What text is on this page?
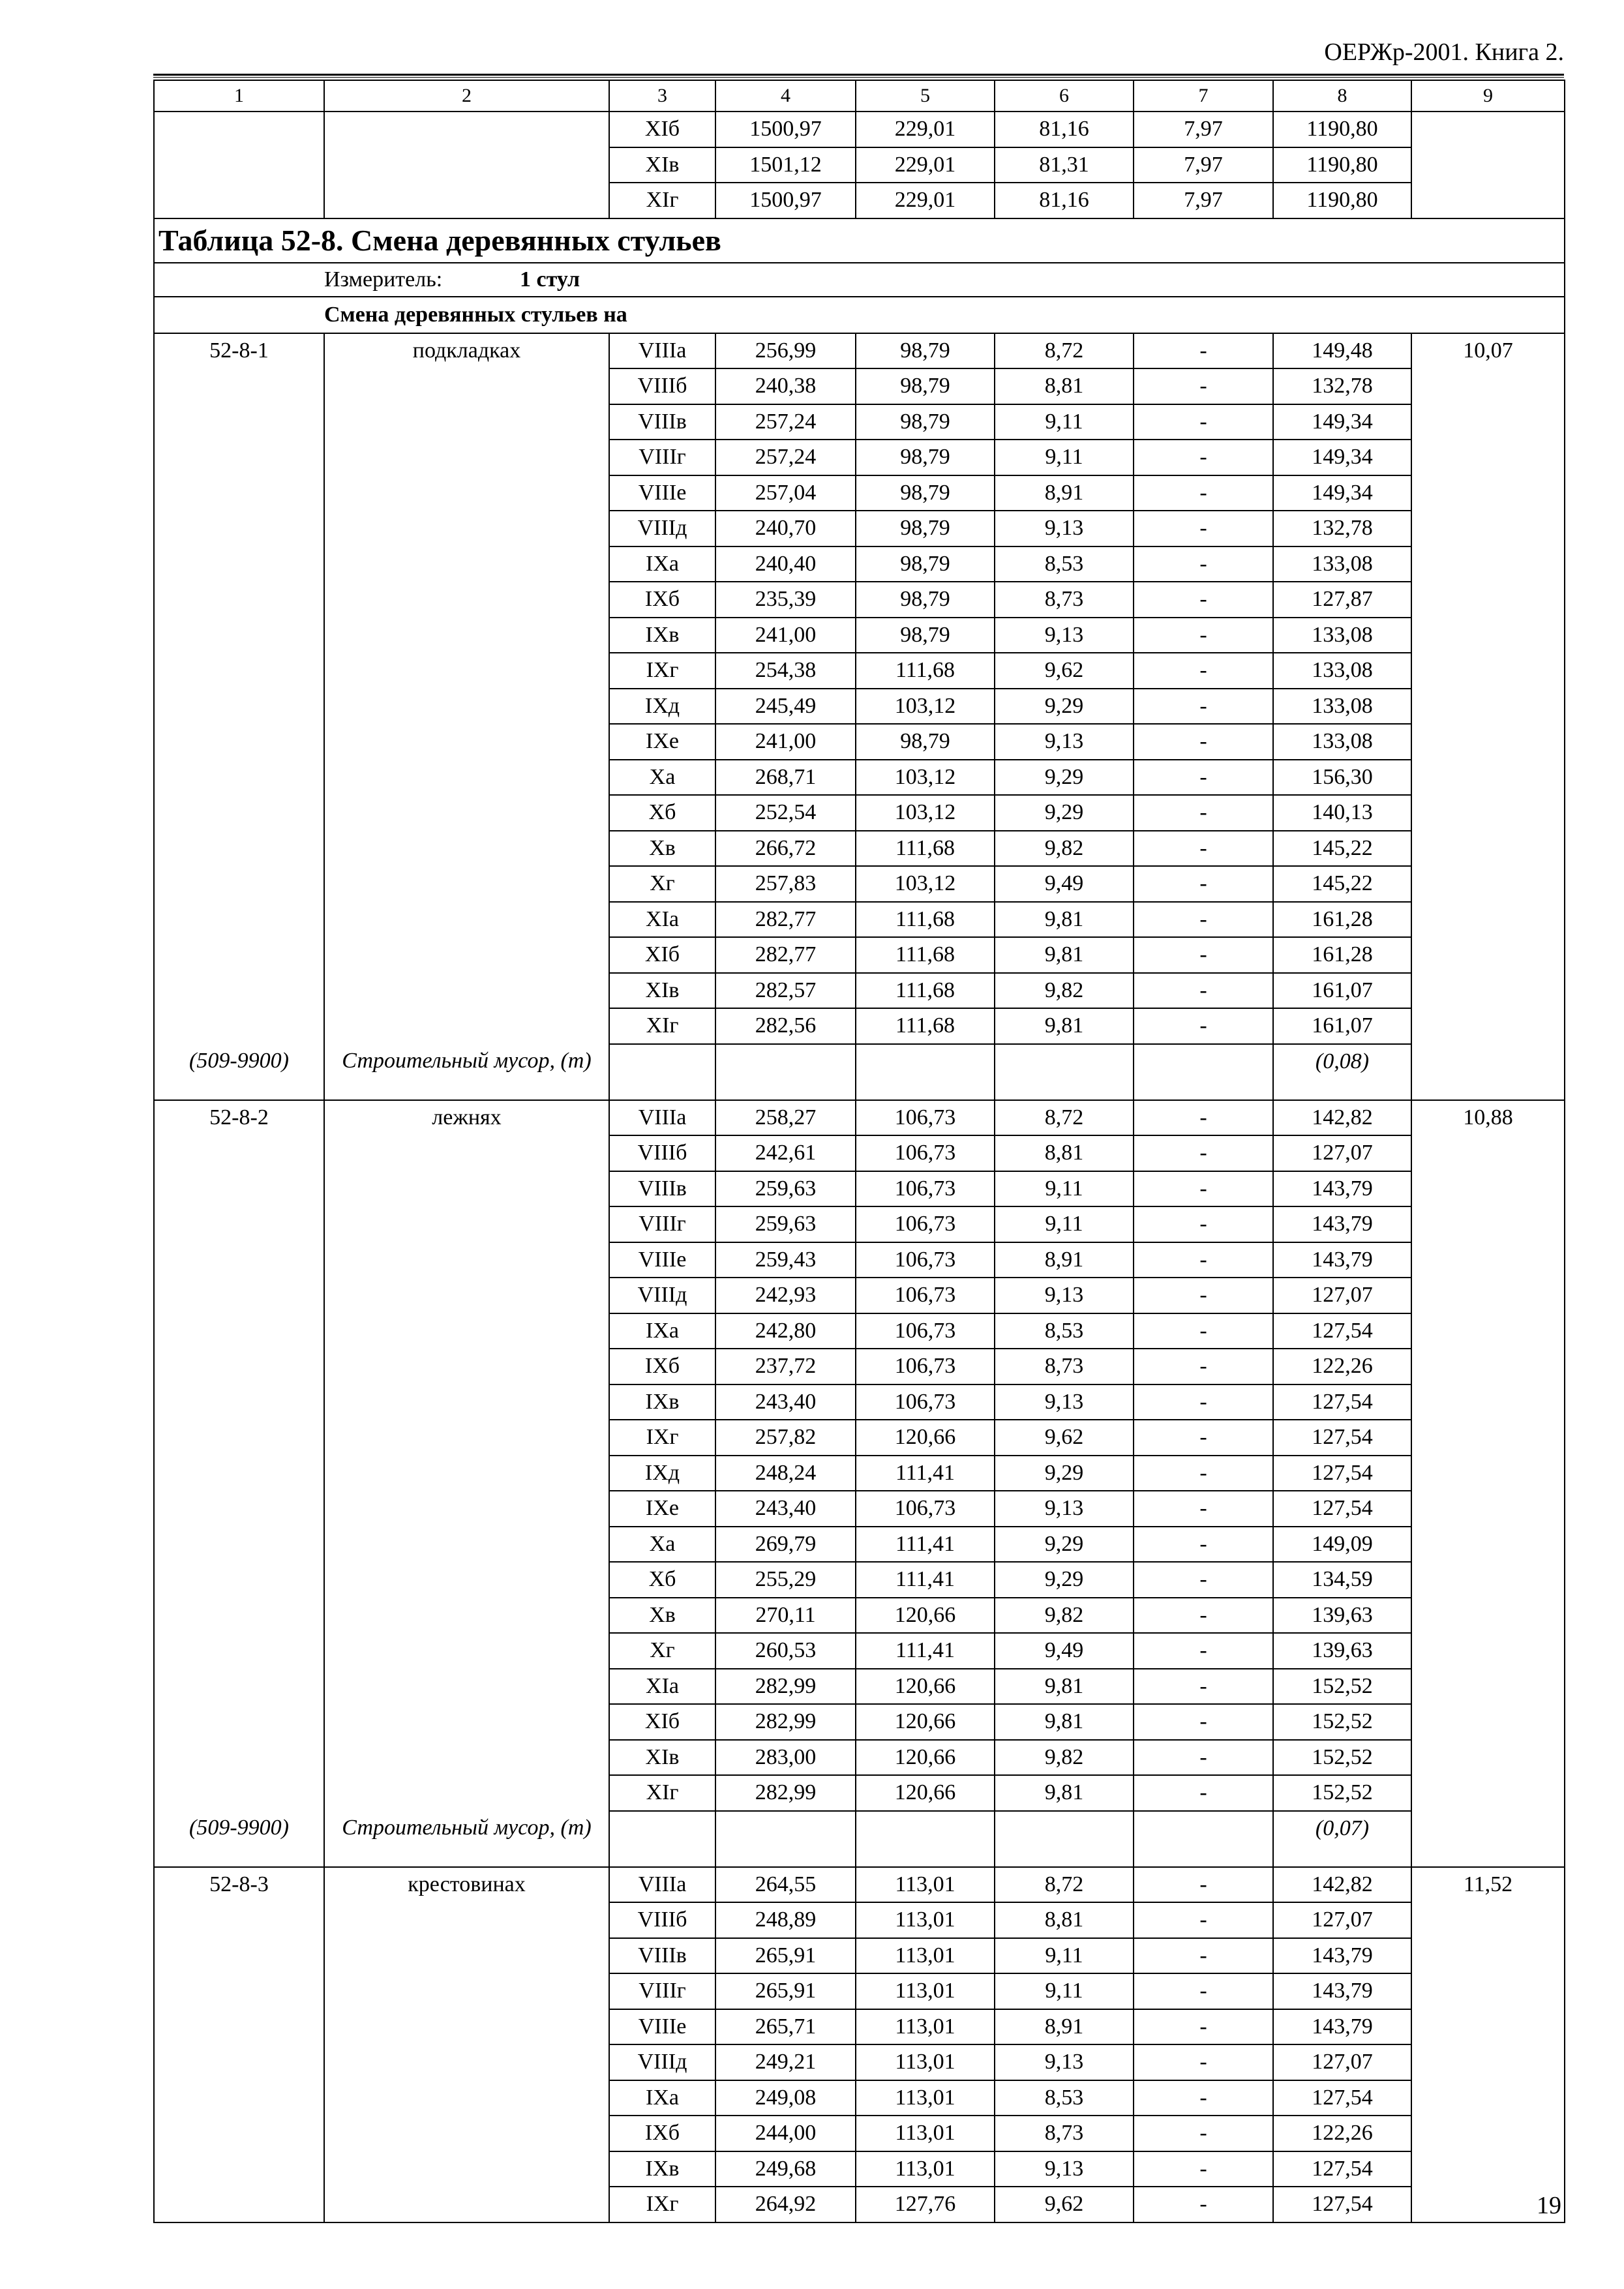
ОЕРЖр-2001. Книга 2.
1	2	3	4	5	6	7	8	9
		XIб	1500,97	229,01	81,16	7,97	1190,80	
		XIв	1501,12	229,01	81,31	7,97	1190,80	
		XIг	1500,97	229,01	81,16	7,97	1190,80	
Таблица 52-8. Смена деревянных стульев								
Измеритель: 1 стул								
Смена деревянных стульев на								
52-8-1	подкладках	VIIIa	256,99	98,79	8,72	-	149,48	10,07
		VIIIб	240,38	98,79	8,81	-	132,78	
		VIIIв	257,24	98,79	9,11	-	149,34	
		VIIIг	257,24	98,79	9,11	-	149,34	
		VIIIe	257,04	98,79	8,91	-	149,34	
		VIIIд	240,70	98,79	9,13	-	132,78	
		IXa	240,40	98,79	8,53	-	133,08	
		IXб	235,39	98,79	8,73	-	127,87	
		IXв	241,00	98,79	9,13	-	133,08	
		IXг	254,38	111,68	9,62	-	133,08	
		IXд	245,49	103,12	9,29	-	133,08	
		IXe	241,00	98,79	9,13	-	133,08	
		Xa	268,71	103,12	9,29	-	156,30	
		Xб	252,54	103,12	9,29	-	140,13	
		Xв	266,72	111,68	9,82	-	145,22	
		Xг	257,83	103,12	9,49	-	145,22	
		XIa	282,77	111,68	9,81	-	161,28	
		XIб	282,77	111,68	9,81	-	161,28	
		XIв	282,57	111,68	9,82	-	161,07	
		XIг	282,56	111,68	9,81	-	161,07	
(509-9900)	Строительный мусор, (т)						(0,08)	
52-8-2	лежнях	VIIIa	258,27	106,73	8,72	-	142,82	10,88
		VIIIб	242,61	106,73	8,81	-	127,07	
		VIIIв	259,63	106,73	9,11	-	143,79	
		VIIIг	259,63	106,73	9,11	-	143,79	
		VIIIe	259,43	106,73	8,91	-	143,79	
		VIIIд	242,93	106,73	9,13	-	127,07	
		IXa	242,80	106,73	8,53	-	127,54	
		IXб	237,72	106,73	8,73	-	122,26	
		IXв	243,40	106,73	9,13	-	127,54	
		IXг	257,82	120,66	9,62	-	127,54	
		IXд	248,24	111,41	9,29	-	127,54	
		IXe	243,40	106,73	9,13	-	127,54	
		Xa	269,79	111,41	9,29	-	149,09	
		Xб	255,29	111,41	9,29	-	134,59	
		Xв	270,11	120,66	9,82	-	139,63	
		Xг	260,53	111,41	9,49	-	139,63	
		XIa	282,99	120,66	9,81	-	152,52	
		XIб	282,99	120,66	9,81	-	152,52	
		XIв	283,00	120,66	9,82	-	152,52	
		XIг	282,99	120,66	9,81	-	152,52	
(509-9900)	Строительный мусор, (т)						(0,07)	
52-8-3	крестовинах	VIIIa	264,55	113,01	8,72	-	142,82	11,52
		VIIIб	248,89	113,01	8,81	-	127,07	
		VIIIв	265,91	113,01	9,11	-	143,79	
		VIIIг	265,91	113,01	9,11	-	143,79	
		VIIIe	265,71	113,01	8,91	-	143,79	
		VIIIд	249,21	113,01	9,13	-	127,07	
		IXa	249,08	113,01	8,53	-	127,54	
		IXб	244,00	113,01	8,73	-	122,26	
		IXв	249,68	113,01	9,13	-	127,54	
		IXг	264,92	127,76	9,62	-	127,54		19
